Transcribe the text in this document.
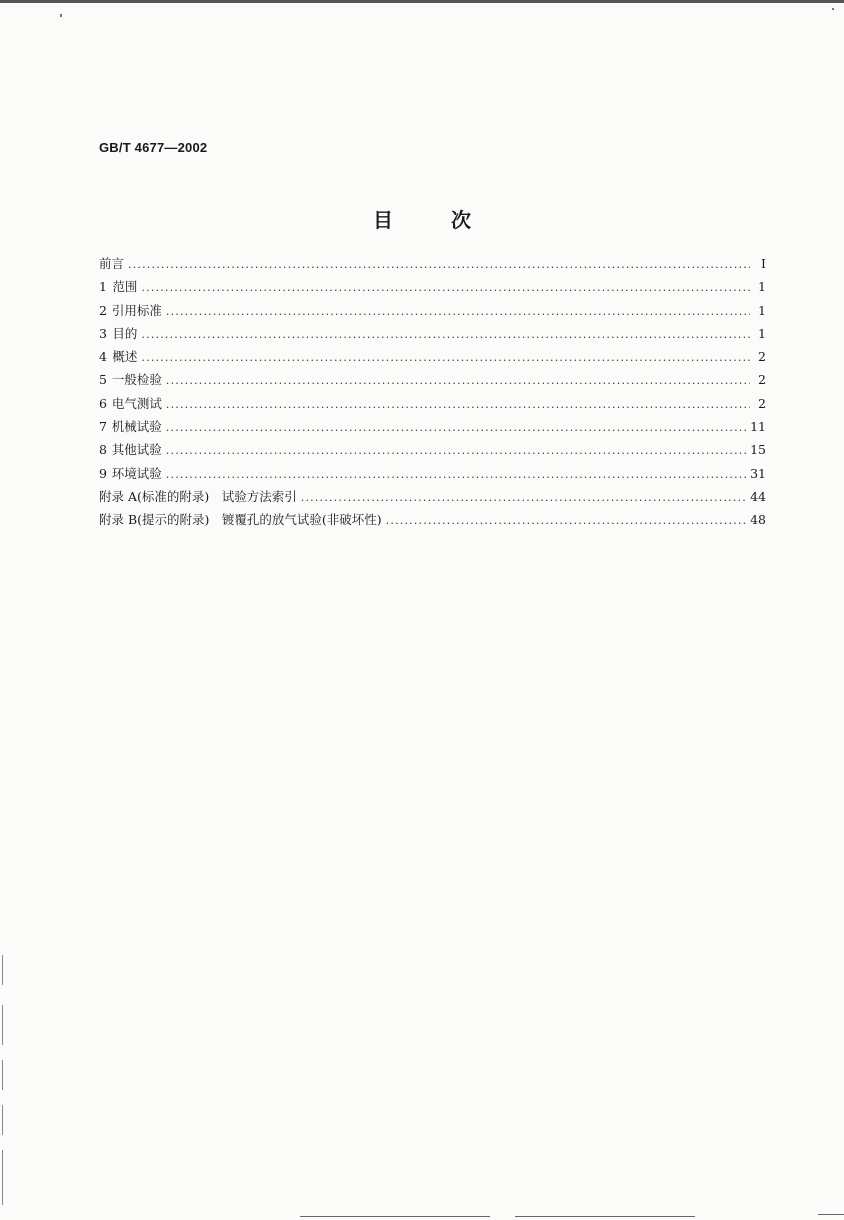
GB/T 4677—2002
目次
前言 .....	I
1 范围 .....	1
2 引用标准 .....	1
3 目的 .....	1
4 概述 .....	2
5 一般检验 .....	2
6 电气测试 .....	2
7 机械试验 .....	11
8 其他试验 .....	15
9 环境试验 .....	31
附录 A(标准的附录)　试验方法索引 .....	44
附录 B(提示的附录)　镀覆孔的放气试验(非破坏性) .....	48
